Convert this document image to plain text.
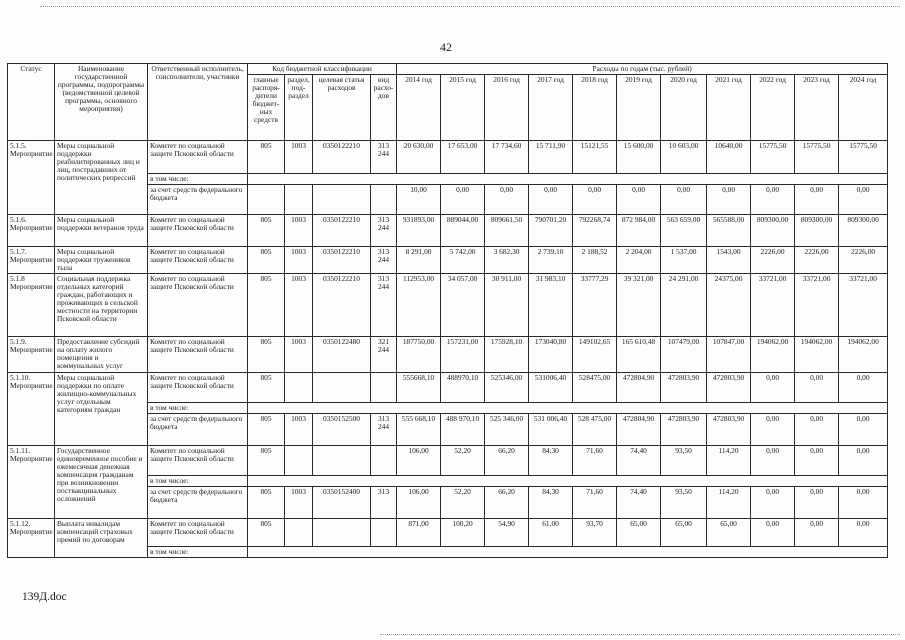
42
Статус	Наименование государственной программы, подпрограммы (ведомственной целевой программы, основного мероприятия)	Ответственный исполнитель, соисполнители, участники	Код бюджетной классификации				Расходы по годам (тыс. рублей)										
			главные распоря-дители бюджет-ных средств	раздел, под-раздел	целевая статья расходов	вид расхо-дов	2014 год	2015 год	2016 год	2017 год	2018 год	2019 год	2020 год	2021 год	2022 год	2023 год	2024 год
5.1.5. Мероприятие	Меры социальной поддержки реабилитированных лиц и лиц, пострадавших от политических репрессий	Комитет по социальной защите Псковской области	805	1003	0350122210	313 244	20 630,00	17 653,00	17 734,60	15 711,90	15121,55	15 600,00	10 603,00	10640,00	15775,50	15775,50	15775,50
		в том числе:															
		за счет средств федерального бюджета					10,00	0,00	0,00	0,00	0,00	0,00	0,00	0,00	0,00	0,00	0,00
5.1.6. Мероприятие	Меры социальной поддержки ветеранов труда	Комитет по социальной защите Псковской области	805	1003	0350122210	313 244	931893,00	889044,00	809661,50	790701,20	792268,74	872 984,00	563 659,00	565588,00	809300,00	809300,00	809300,00
5.1.7. Мероприятие	Меры социальной поддержки тружеников тыла	Комитет по социальной защите Псковской области	805	1003	0350122210	313 244	8 291,00	5 742,00	3 682,30	2 739,10	2 188,52	2 204,00	1 537,00	1543,00	2226,00	2226,00	2226,00
5.1.8 Мероприятие	Социальная поддержка отдельных категорий граждан, работающих и проживающих в сельской местности на территории Псковской области	Комитет по социальной защите Псковской области	805	1003	0350122210	313 244	112953,00	34 057,00	30 911,00	31 983,10	33777,29	39 321,00	24 291,00	24375,00	33721,00	33721,00	33721,00
5.1.9. Мероприятие	Предоставление субсидий на оплату жилого помещения и коммунальных услуг	Комитет по социальной защите Псковской области	805	1003	0350122480	321 244	187750,00	157231,00	175928,10	173040,80	149102,65	165 610,48	107479,00	107847,00	194062,00	194062,00	194062,00
5.1.10. Мероприятие	Меры социальной поддержки по оплате жилищно-коммунальных услуг отдельным категориям граждан	Комитет по социальной защите Псковской области	805				555668,10	488970,10	525346,00	531006,40	528475,00	472804,90	472803,90	472803,90	0,00	0,00	0,00
		в том числе:															
		за счет средств федерального бюджета	805	1003	0350152500	313 244	555 668,10	488 970,10	525 346,00	531 006,40	528 475,00	472804,90	472803,90	472803,90	0,00	0,00	0,00
5.1.11. Мероприятие	Государственное единовременное пособие и ежемесячная денежная компенсация гражданам при возникновении поствакцинальных осложнений	Комитет по социальной защите Псковской области	805				106,00	52,20	66,20	84,30	71,60	74,40	93,50	114,20	0,00	0,00	0,00
		в том числе:															
		за счет средств федерального бюджета	805	1003	0350152400	313	106,00	52,20	66,20	84,30	71,60	74,40	93,50	114,20	0,00	0,00	0,00
5.1.12. Мероприятие	Выплата инвалидам компенсаций страховых премий по договорам	Комитет по социальной защите Псковской области	805				871,00	100,20	54,90	61,00	93,70	65,00	65,00	65,00	0,00	0,00	0,00
		в том числе:															
139Д.doc
